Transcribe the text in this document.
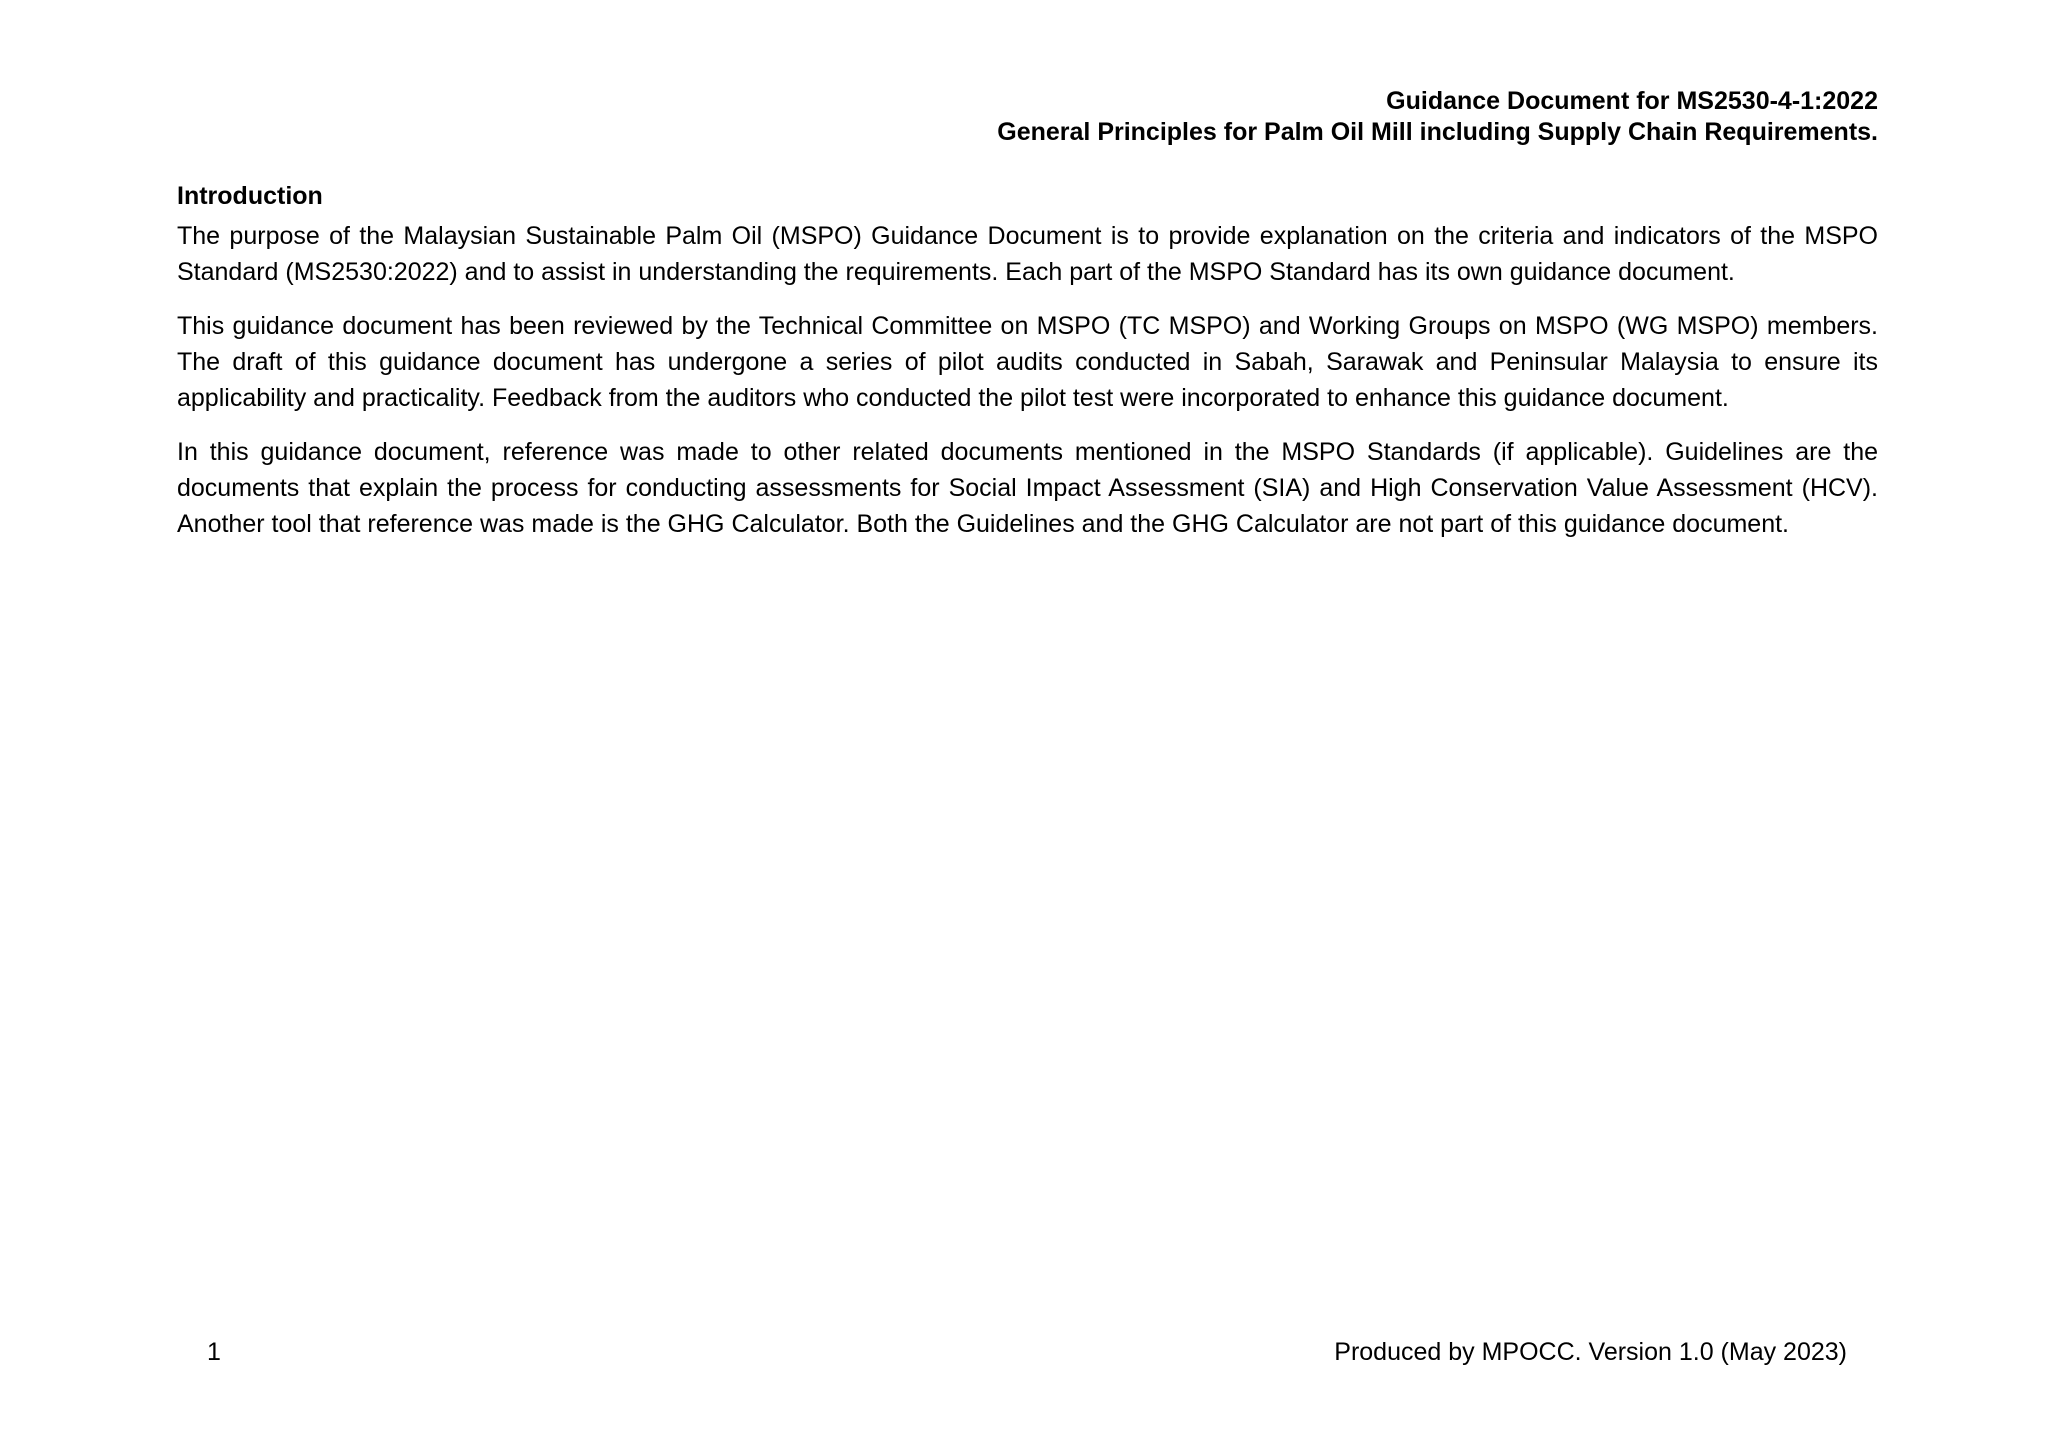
Guidance Document for MS2530-4-1:2022
General Principles for Palm Oil Mill including Supply Chain Requirements.
Introduction

The purpose of the Malaysian Sustainable Palm Oil (MSPO) Guidance Document is to provide explanation on the criteria and indicators of the MSPO Standard (MS2530:2022) and to assist in understanding the requirements. Each part of the MSPO Standard has its own guidance document.

This guidance document has been reviewed by the Technical Committee on MSPO (TC MSPO) and Working Groups on MSPO (WG MSPO) members. The draft of this guidance document has undergone a series of pilot audits conducted in Sabah, Sarawak and Peninsular Malaysia to ensure its applicability and practicality. Feedback from the auditors who conducted the pilot test were incorporated to enhance this guidance document.

In this guidance document, reference was made to other related documents mentioned in the MSPO Standards (if applicable). Guidelines are the documents that explain the process for conducting assessments for Social Impact Assessment (SIA) and High Conservation Value Assessment (HCV). Another tool that reference was made is the GHG Calculator. Both the Guidelines and the GHG Calculator are not part of this guidance document.

1	Produced by MPOCC. Version 1.0 (May 2023)
